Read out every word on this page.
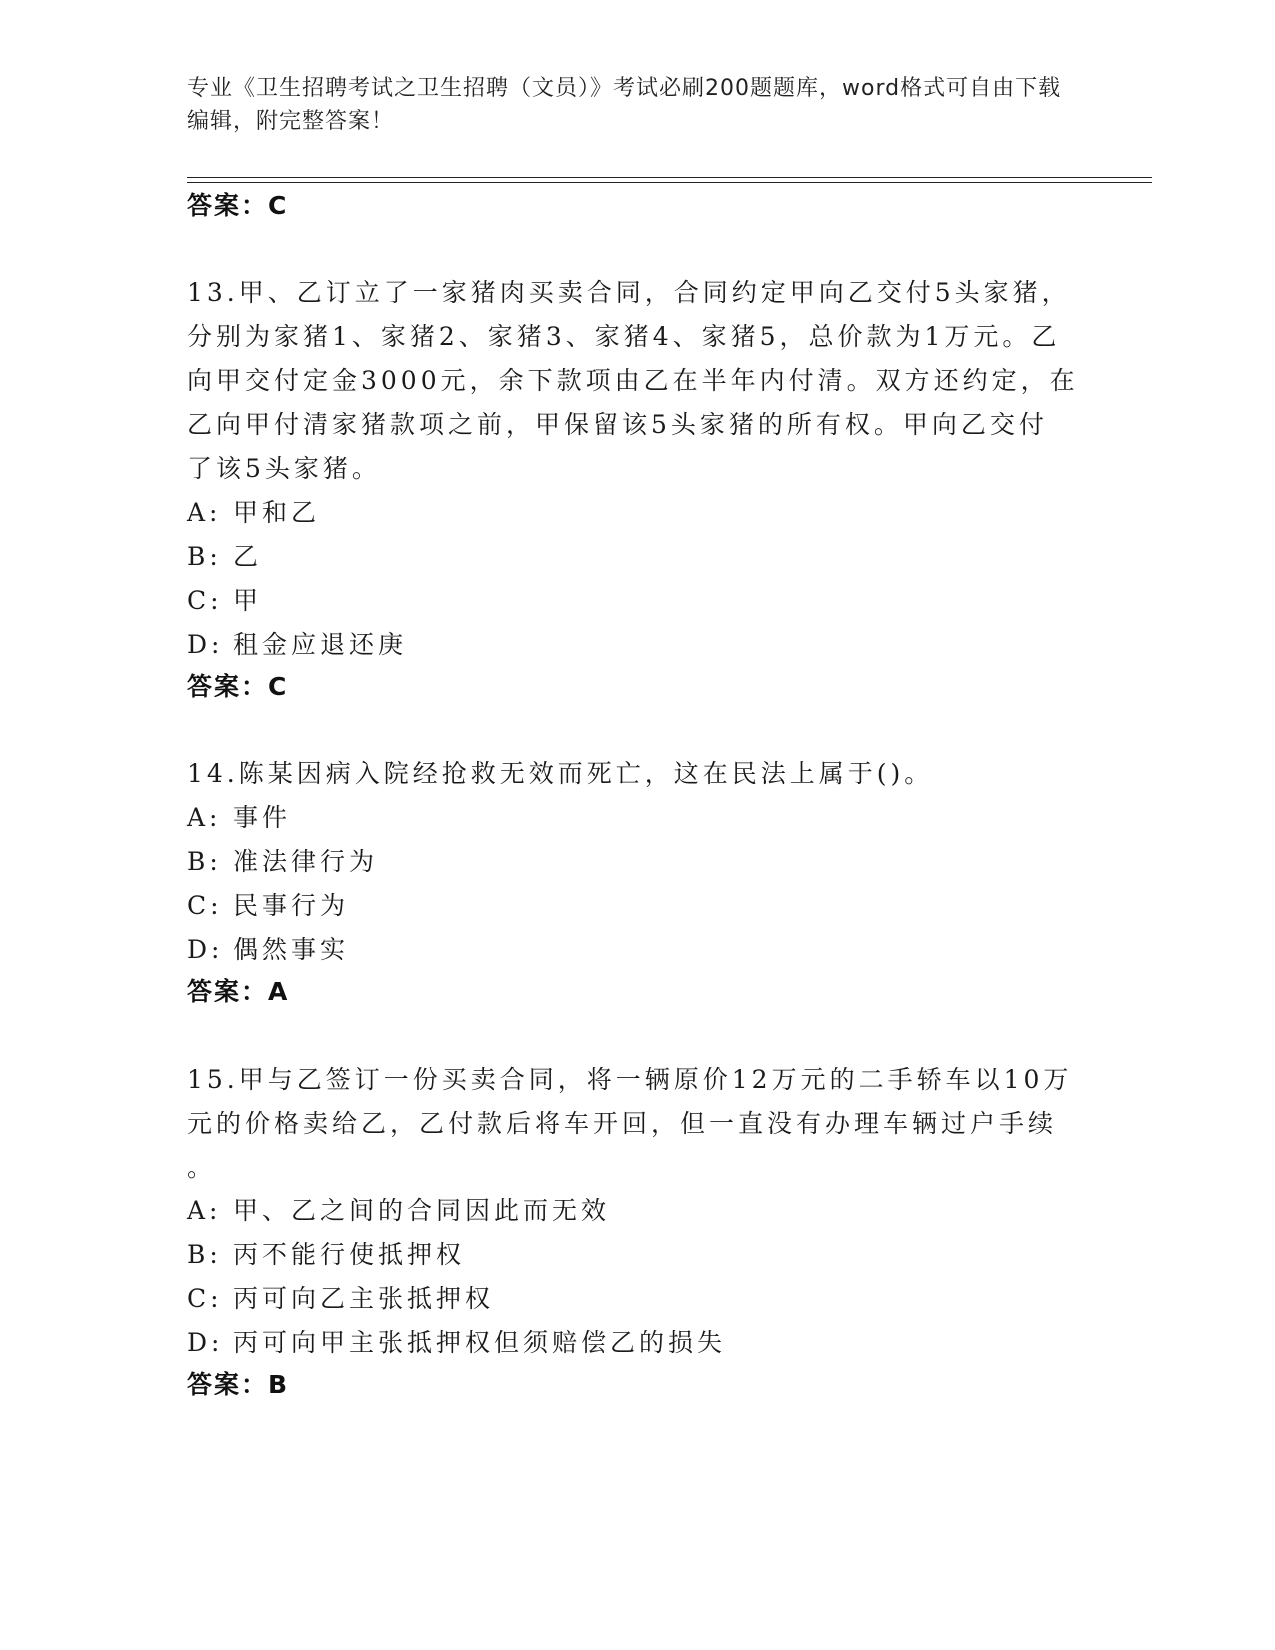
专业《卫生招聘考试之卫生招聘（文员）》考试必刷200题题库，word格式可自由下载编辑，附完整答案！
答案：C
13.甲、乙订立了一家猪肉买卖合同，合同约定甲向乙交付5头家猪，
分别为家猪1、家猪2、家猪3、家猪4、家猪5，总价款为1万元。乙
向甲交付定金3000元，余下款项由乙在半年内付清。双方还约定，在
乙向甲付清家猪款项之前，甲保留该5头家猪的所有权。甲向乙交付
了该5头家猪。
A: 甲和乙
B: 乙
C: 甲
D: 租金应退还庚
答案：C
14.陈某因病入院经抢救无效而死亡，这在民法上属于()。
A: 事件
B: 准法律行为
C: 民事行为
D: 偶然事实
答案：A
15.甲与乙签订一份买卖合同，将一辆原价12万元的二手轿车以10万
元的价格卖给乙，乙付款后将车开回，但一直没有办理车辆过户手续
。
A: 甲、乙之间的合同因此而无效
B: 丙不能行使抵押权
C: 丙可向乙主张抵押权
D: 丙可向甲主张抵押权但须赔偿乙的损失
答案：B
